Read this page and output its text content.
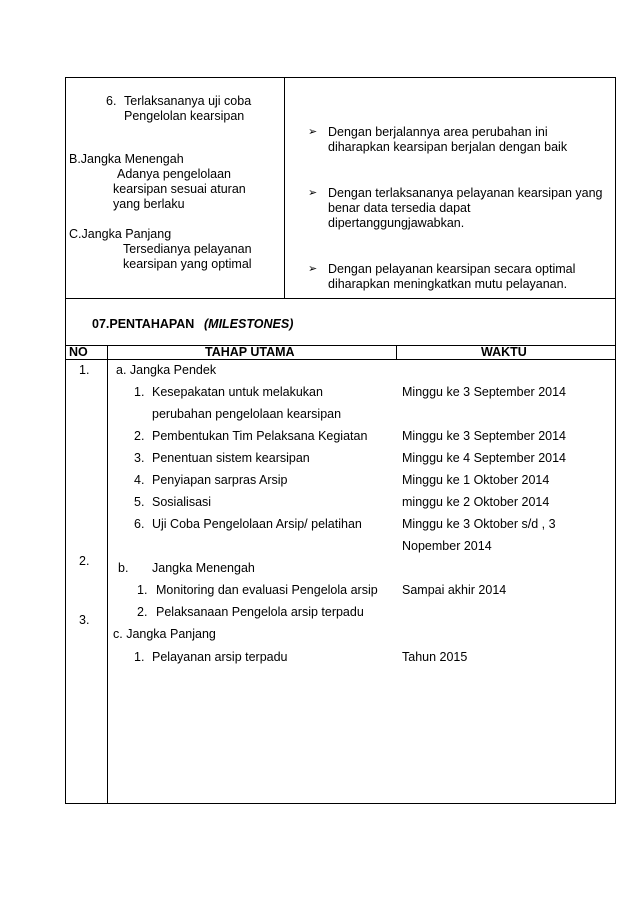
6. Terlaksananya uji coba
Pengelolan kearsipan
B.Jangka Menengah
Adanya pengelolaan
kearsipan sesuai aturan
yang berlaku
C.Jangka Panjang
Tersedianya pelayanan
kearsipan yang optimal
➢ Dengan berjalannya area perubahan ini
diharapkan kearsipan berjalan dengan baik
➢ Dengan terlaksananya pelayanan kearsipan yang
benar data tersedia dapat
dipertanggungjawabkan.
➢ Dengan pelayanan kearsipan secara optimal
diharapkan meningkatkan mutu pelayanan.
07.PENTAHAPAN (MILESTONES)
NO	TAHAP UTAMA	WAKTU
1.
2.
3.
a. Jangka Pendek
1. Kesepakatan untuk melakukan
perubahan pengelolaan kearsipan
2. Pembentukan Tim Pelaksana Kegiatan
3. Penentuan sistem kearsipan
4. Penyiapan sarpras Arsip
5. Sosialisasi
6. Uji Coba Pengelolaan Arsip/ pelatihan
b. Jangka Menengah
1. Monitoring dan evaluasi Pengelola arsip
2. Pelaksanaan Pengelola arsip terpadu
c. Jangka Panjang
1. Pelayanan arsip terpadu
Minggu ke 3 September 2014
Minggu ke 3 September 2014
Minggu ke 4 September 2014
Minggu ke 1 Oktober 2014
minggu ke 2 Oktober 2014
Minggu ke 3 Oktober s/d , 3
Nopember 2014
Sampai akhir 2014
Tahun 2015
